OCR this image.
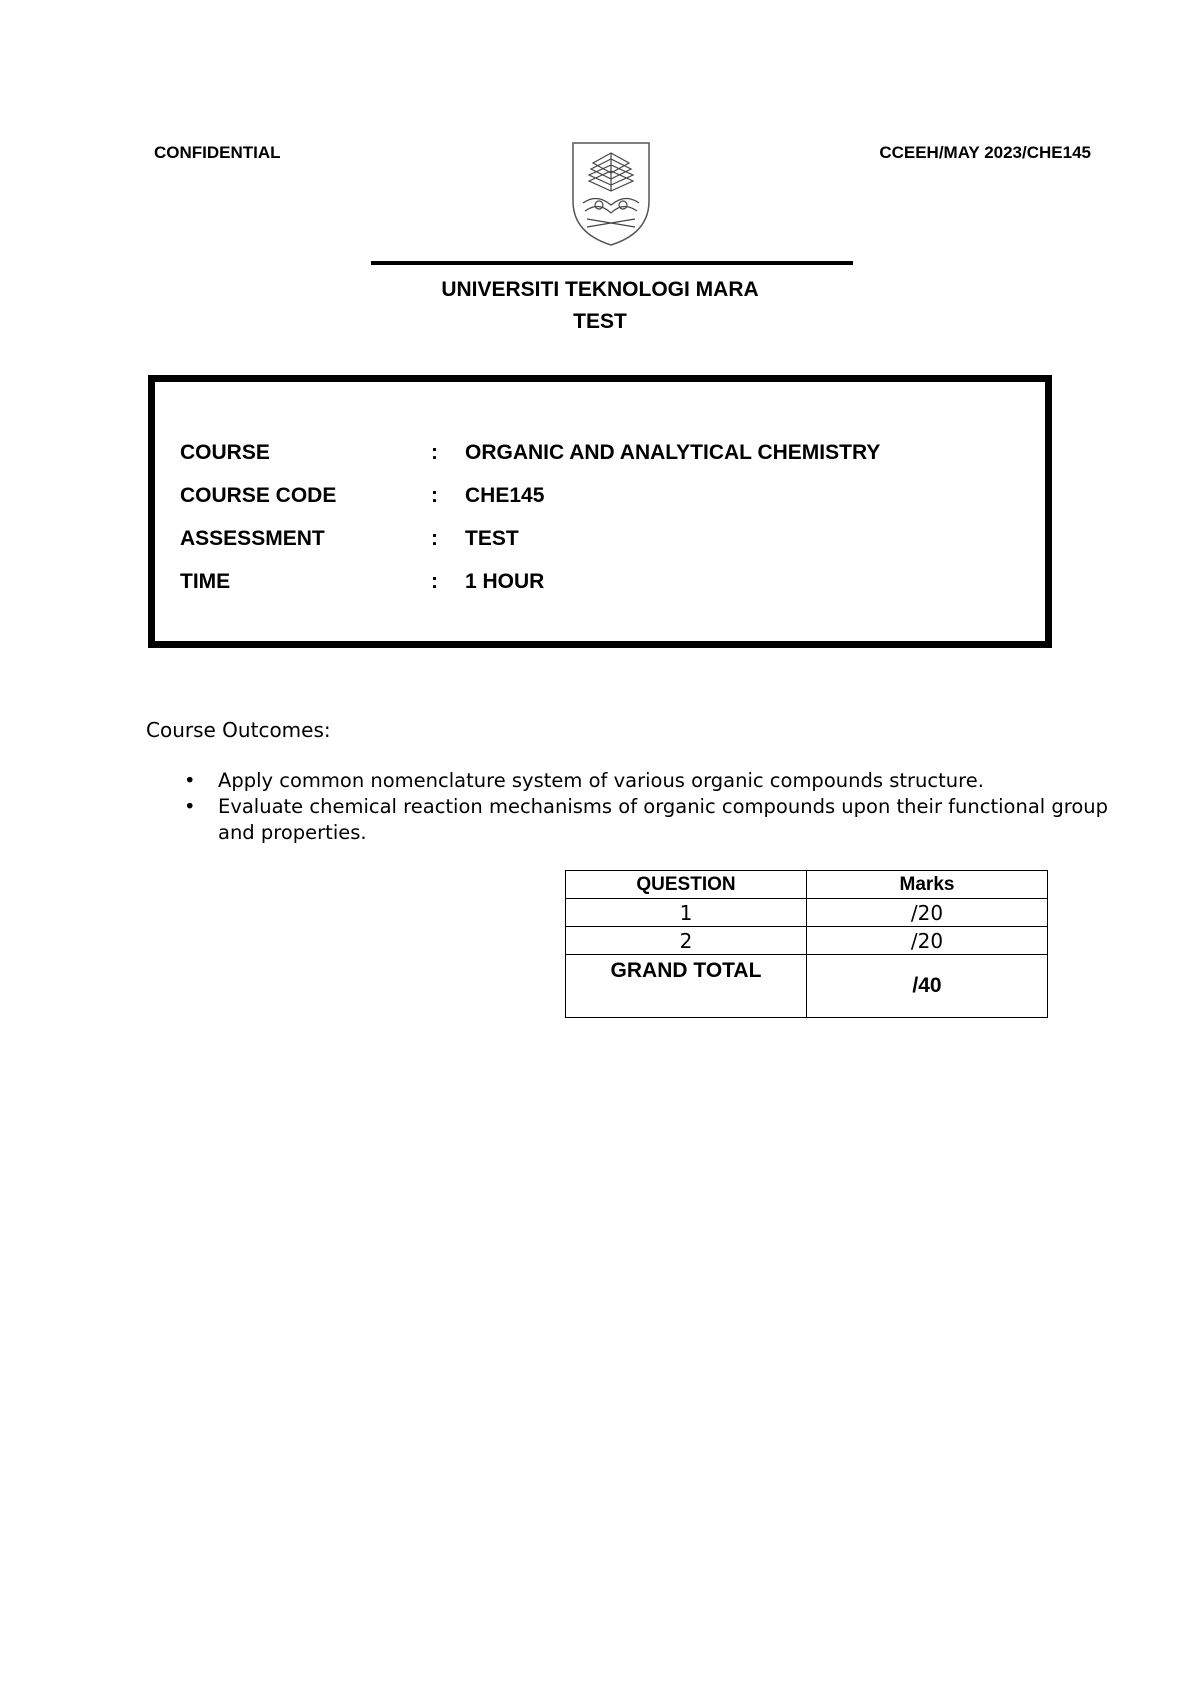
CONFIDENTIAL	CCEEH/MAY 2023/CHE145
UNIVERSITI TEKNOLOGI MARA
TEST
COURSE	: ORGANIC AND ANALYTICAL CHEMISTRY
COURSE CODE	: CHE145
ASSESSMENT	: TEST
TIME	: 1 HOUR
Course Outcomes:
• Apply common nomenclature system of various organic compounds structure.
• Evaluate chemical reaction mechanisms of organic compounds upon their functional group and properties.
QUESTION	Marks
1	/20
2	/20
GRAND TOTAL	/40
